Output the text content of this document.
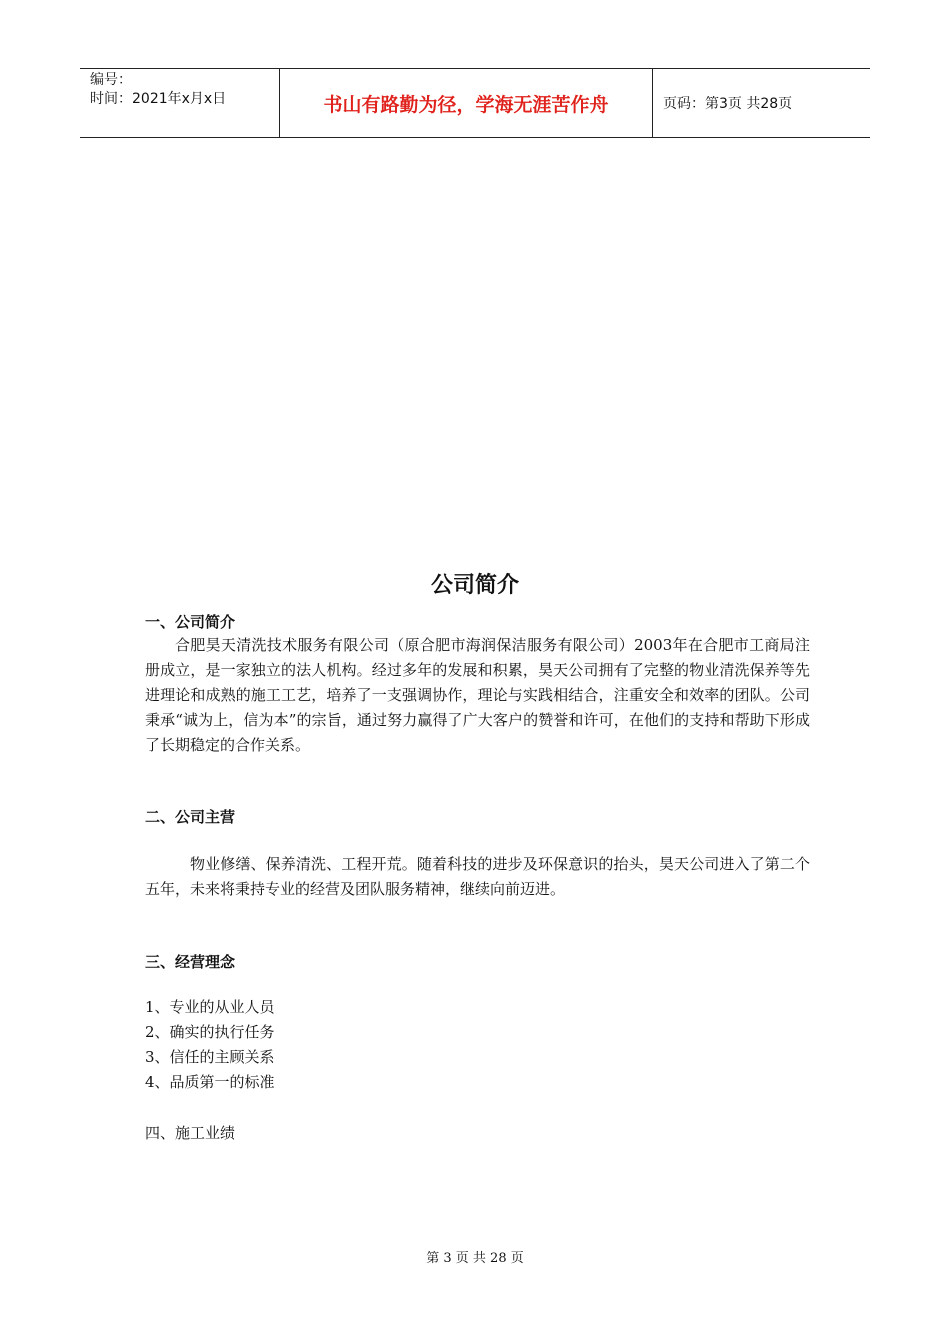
编号：
时间：2021年x月x日	书山有路勤为径，学海无涯苦作舟	页码：第3页 共28页
公司简介
一、公司简介

合肥昊天清洗技术服务有限公司（原合肥市海润保洁服务有限公司）2003年在合肥市工商局注册成立，是一家独立的法人机构。经过多年的发展和积累，昊天公司拥有了完整的物业清洗保养等先进理论和成熟的施工工艺，培养了一支强调协作，理论与实践相结合，注重安全和效率的团队。公司秉承“诚为上，信为本”的宗旨，通过努力赢得了广大客户的赞誉和许可，在他们的支持和帮助下形成了长期稳定的合作关系。

二、公司主营

物业修缮、保养清洗、工程开荒。随着科技的进步及环保意识的抬头，昊天公司进入了第二个五年，未来将秉持专业的经营及团队服务精神，继续向前迈进。

三、经营理念
1、专业的从业人员
2、确实的执行任务
3、信任的主顾关系
4、品质第一的标准
四、施工业绩
第 3 页 共 28 页
